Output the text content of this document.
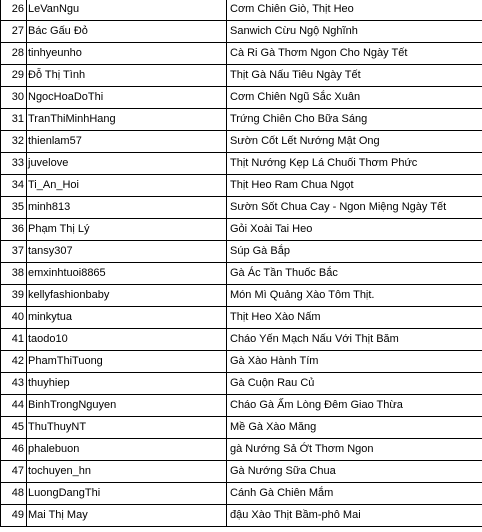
26	LeVanNgu	Cơm Chiên Giò, Thịt Heo
27	Bác Gấu Đỏ	Sanwich Cừu Ngộ Nghĩnh
28	tinhyeunho	Cà Ri Gà Thơm Ngon Cho Ngày Tết
29	Đỗ Thị Tình	Thịt Gà Nấu Tiêu Ngày Tết
30	NgocHoaDoThi	Cơm Chiên Ngũ Sắc Xuân
31	TranThiMinhHang	Trứng Chiên Cho Bữa Sáng
32	thienlam57	Sườn Cốt Lết Nướng Mật Ong
33	juvelove	Thịt Nướng Kẹp Lá Chuối Thơm Phức
34	Ti_An_Hoi	Thịt Heo Ram Chua Ngọt
35	minh813	Sườn Sốt Chua Cay - Ngon Miệng Ngày Tết
36	Phạm Thị Lý	Gỏi Xoài Tai Heo
37	tansy307	Súp Gà Bắp
38	emxinhtuoi8865	Gà Ác Tần Thuốc Bắc
39	kellyfashionbaby	Món Mì Quảng Xào Tôm Thịt.
40	minkytua	Thịt Heo Xào Nấm
41	taodo10	Cháo Yến Mạch Nấu Với Thịt Băm
42	PhamThiTuong	Gà Xào Hành Tím
43	thuyhiep	Gà Cuộn Rau Củ
44	BinhTrongNguyen	Cháo Gà Ấm Lòng Đêm Giao Thừa
45	ThuThuyNT	Mề Gà Xào Măng
46	phalebuon	gà Nướng Sả Ớt Thơm Ngon
47	tochuyen_hn	Gà Nướng Sữa Chua
48	LuongDangThi	Cánh Gà Chiên Mắm
49	Mai Thị May	đậu Xào Thịt Bầm-phô Mai
